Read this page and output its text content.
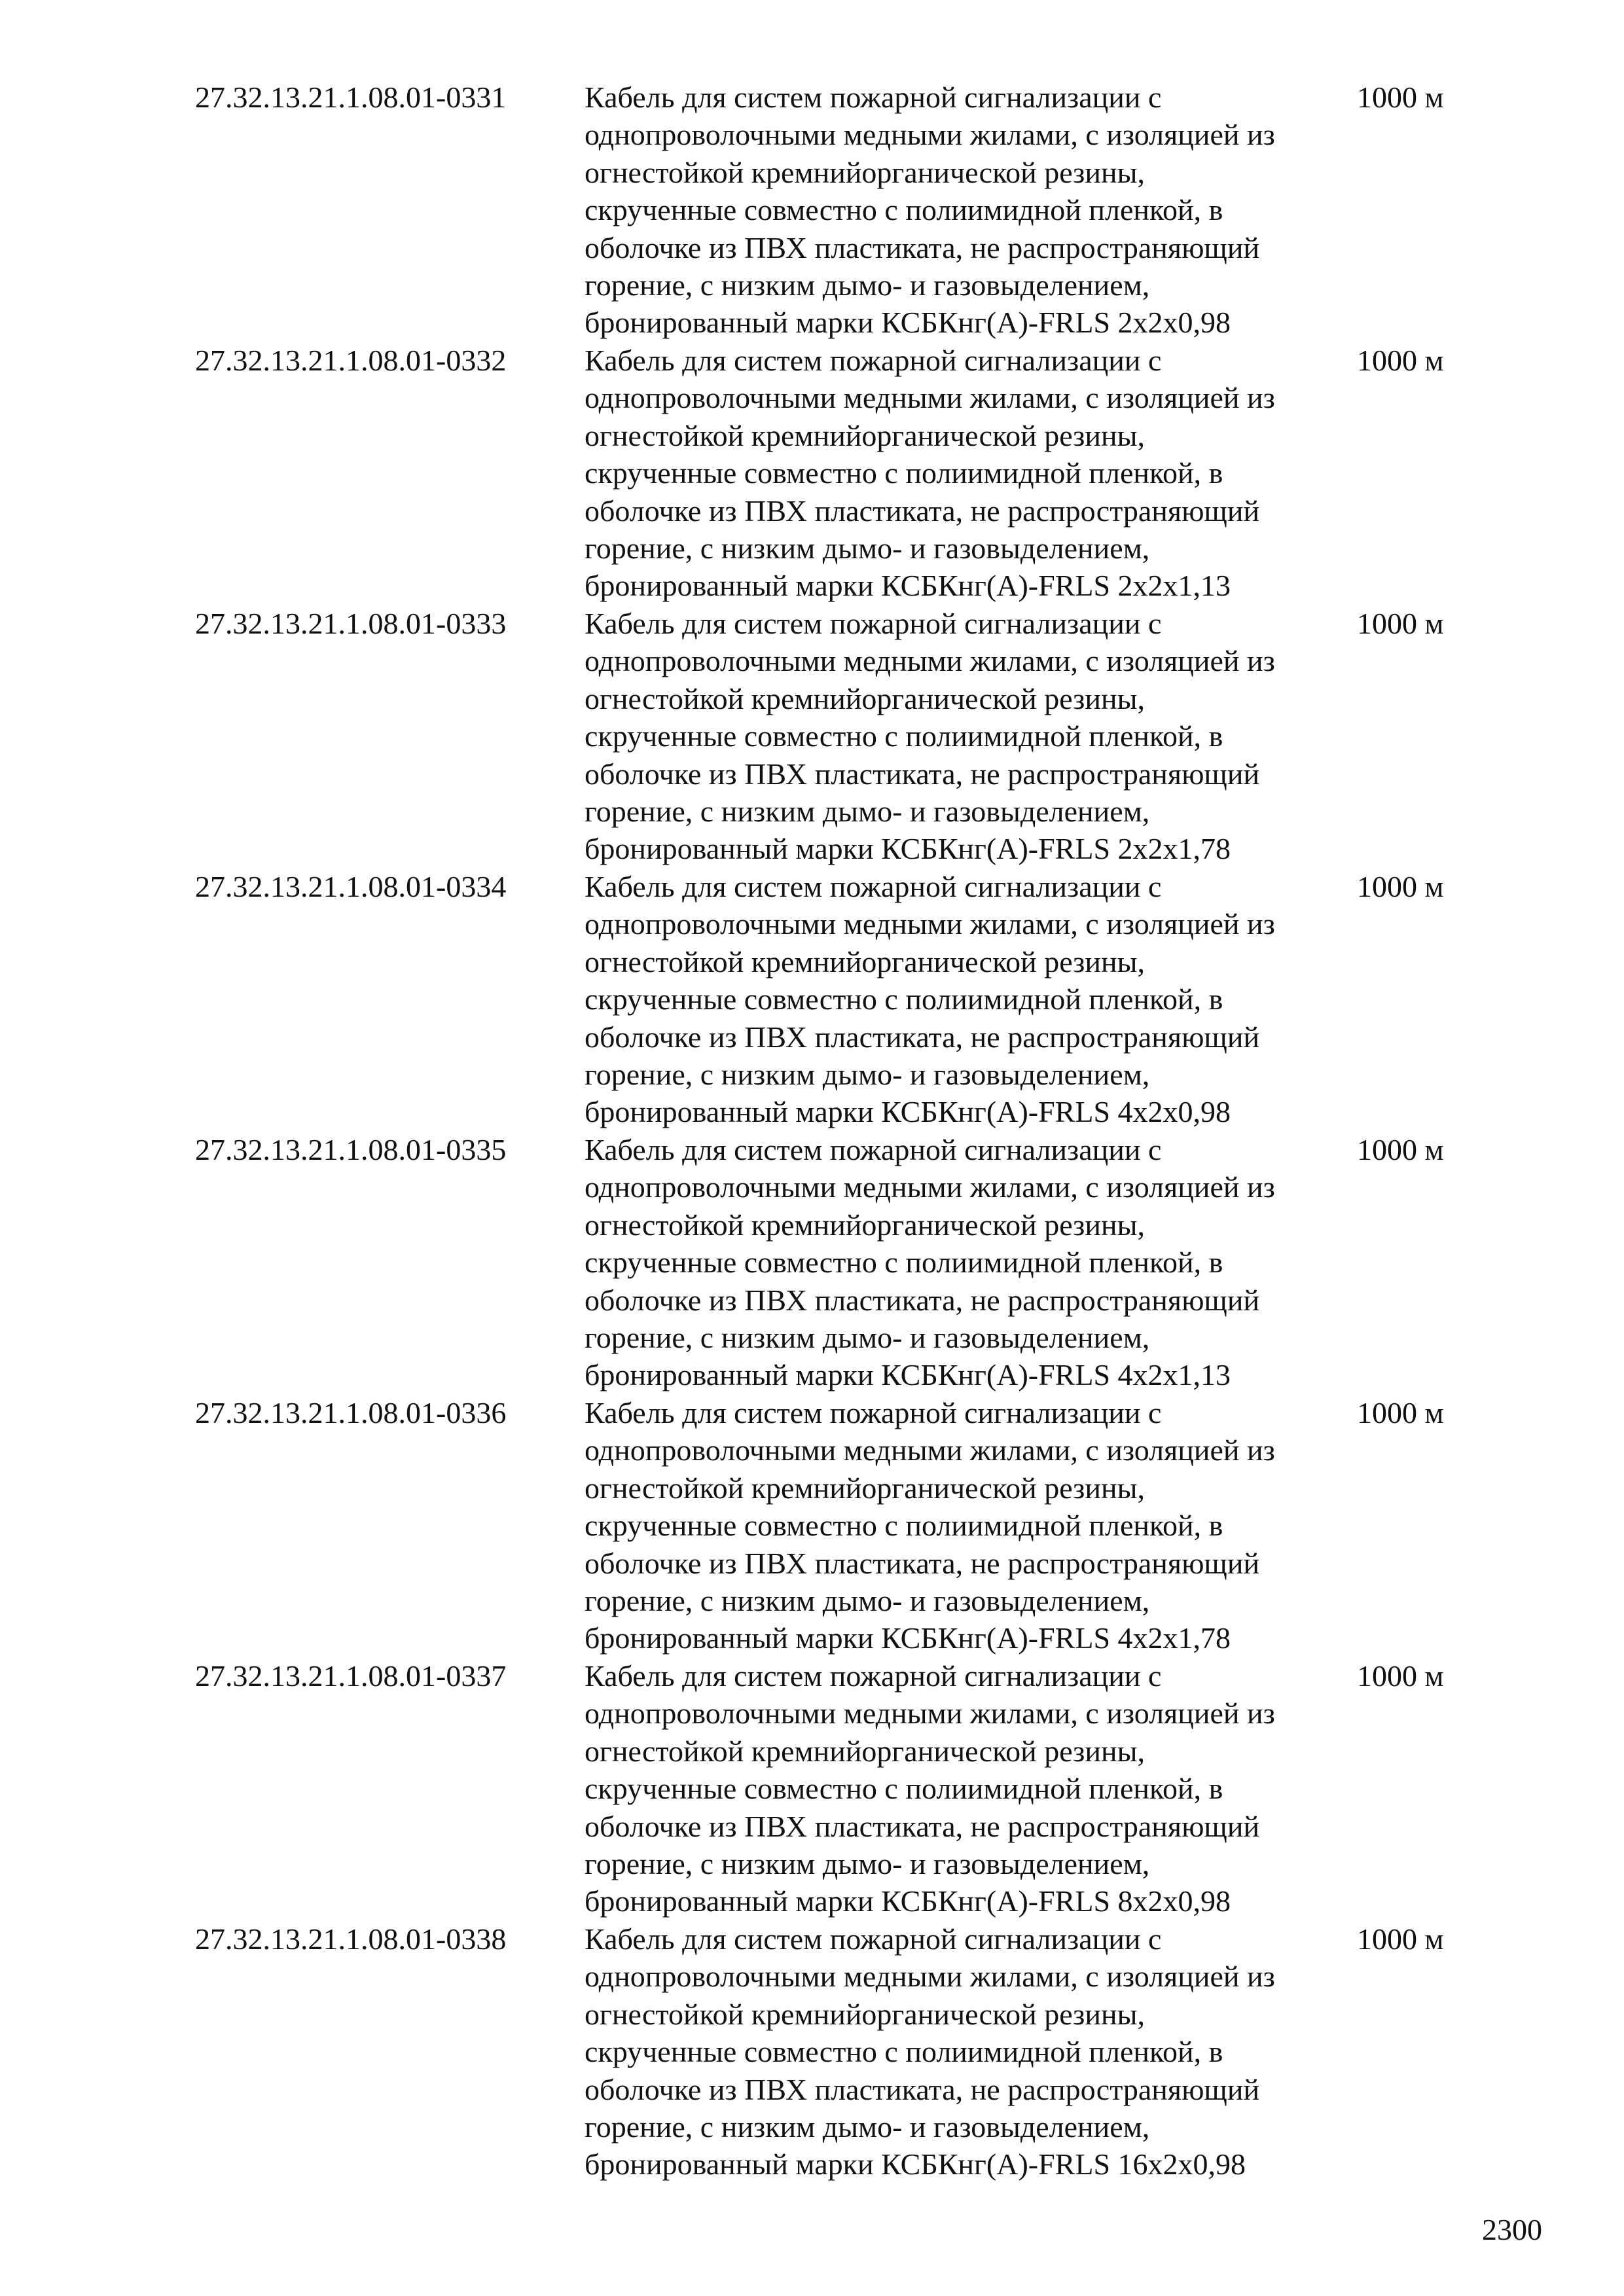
27.32.13.21.1.08.01-0331	Кабель для систем пожарной сигнализации с
однопроволочными медными жилами, с изоляцией из
огнестойкой кремнийорганической резины,
скрученные совместно с полиимидной пленкой, в
оболочке из ПВХ пластиката, не распространяющий
горение, с низким дымо- и газовыделением,
бронированный марки КСБКнг(А)-FRLS 2х2х0,98
1000 м
27.32.13.21.1.08.01-0332	Кабель для систем пожарной сигнализации с
однопроволочными медными жилами, с изоляцией из
огнестойкой кремнийорганической резины,
скрученные совместно с полиимидной пленкой, в
оболочке из ПВХ пластиката, не распространяющий
горение, с низким дымо- и газовыделением,
бронированный марки КСБКнг(А)-FRLS 2х2х1,13
1000 м
27.32.13.21.1.08.01-0333	Кабель для систем пожарной сигнализации с
однопроволочными медными жилами, с изоляцией из
огнестойкой кремнийорганической резины,
скрученные совместно с полиимидной пленкой, в
оболочке из ПВХ пластиката, не распространяющий
горение, с низким дымо- и газовыделением,
бронированный марки КСБКнг(А)-FRLS 2х2х1,78
1000 м
27.32.13.21.1.08.01-0334	Кабель для систем пожарной сигнализации с
однопроволочными медными жилами, с изоляцией из
огнестойкой кремнийорганической резины,
скрученные совместно с полиимидной пленкой, в
оболочке из ПВХ пластиката, не распространяющий
горение, с низким дымо- и газовыделением,
бронированный марки КСБКнг(А)-FRLS 4х2х0,98
1000 м
27.32.13.21.1.08.01-0335	Кабель для систем пожарной сигнализации с
однопроволочными медными жилами, с изоляцией из
огнестойкой кремнийорганической резины,
скрученные совместно с полиимидной пленкой, в
оболочке из ПВХ пластиката, не распространяющий
горение, с низким дымо- и газовыделением,
бронированный марки КСБКнг(А)-FRLS 4х2х1,13
1000 м
27.32.13.21.1.08.01-0336	Кабель для систем пожарной сигнализации с
однопроволочными медными жилами, с изоляцией из
огнестойкой кремнийорганической резины,
скрученные совместно с полиимидной пленкой, в
оболочке из ПВХ пластиката, не распространяющий
горение, с низким дымо- и газовыделением,
бронированный марки КСБКнг(А)-FRLS 4х2х1,78
1000 м
27.32.13.21.1.08.01-0337	Кабель для систем пожарной сигнализации с
однопроволочными медными жилами, с изоляцией из
огнестойкой кремнийорганической резины,
скрученные совместно с полиимидной пленкой, в
оболочке из ПВХ пластиката, не распространяющий
горение, с низким дымо- и газовыделением,
бронированный марки КСБКнг(А)-FRLS 8х2х0,98
1000 м
27.32.13.21.1.08.01-0338	Кабель для систем пожарной сигнализации с
однопроволочными медными жилами, с изоляцией из
огнестойкой кремнийорганической резины,
скрученные совместно с полиимидной пленкой, в
оболочке из ПВХ пластиката, не распространяющий
горение, с низким дымо- и газовыделением,
бронированный марки КСБКнг(А)-FRLS 16х2х0,98
1000 м
2300
